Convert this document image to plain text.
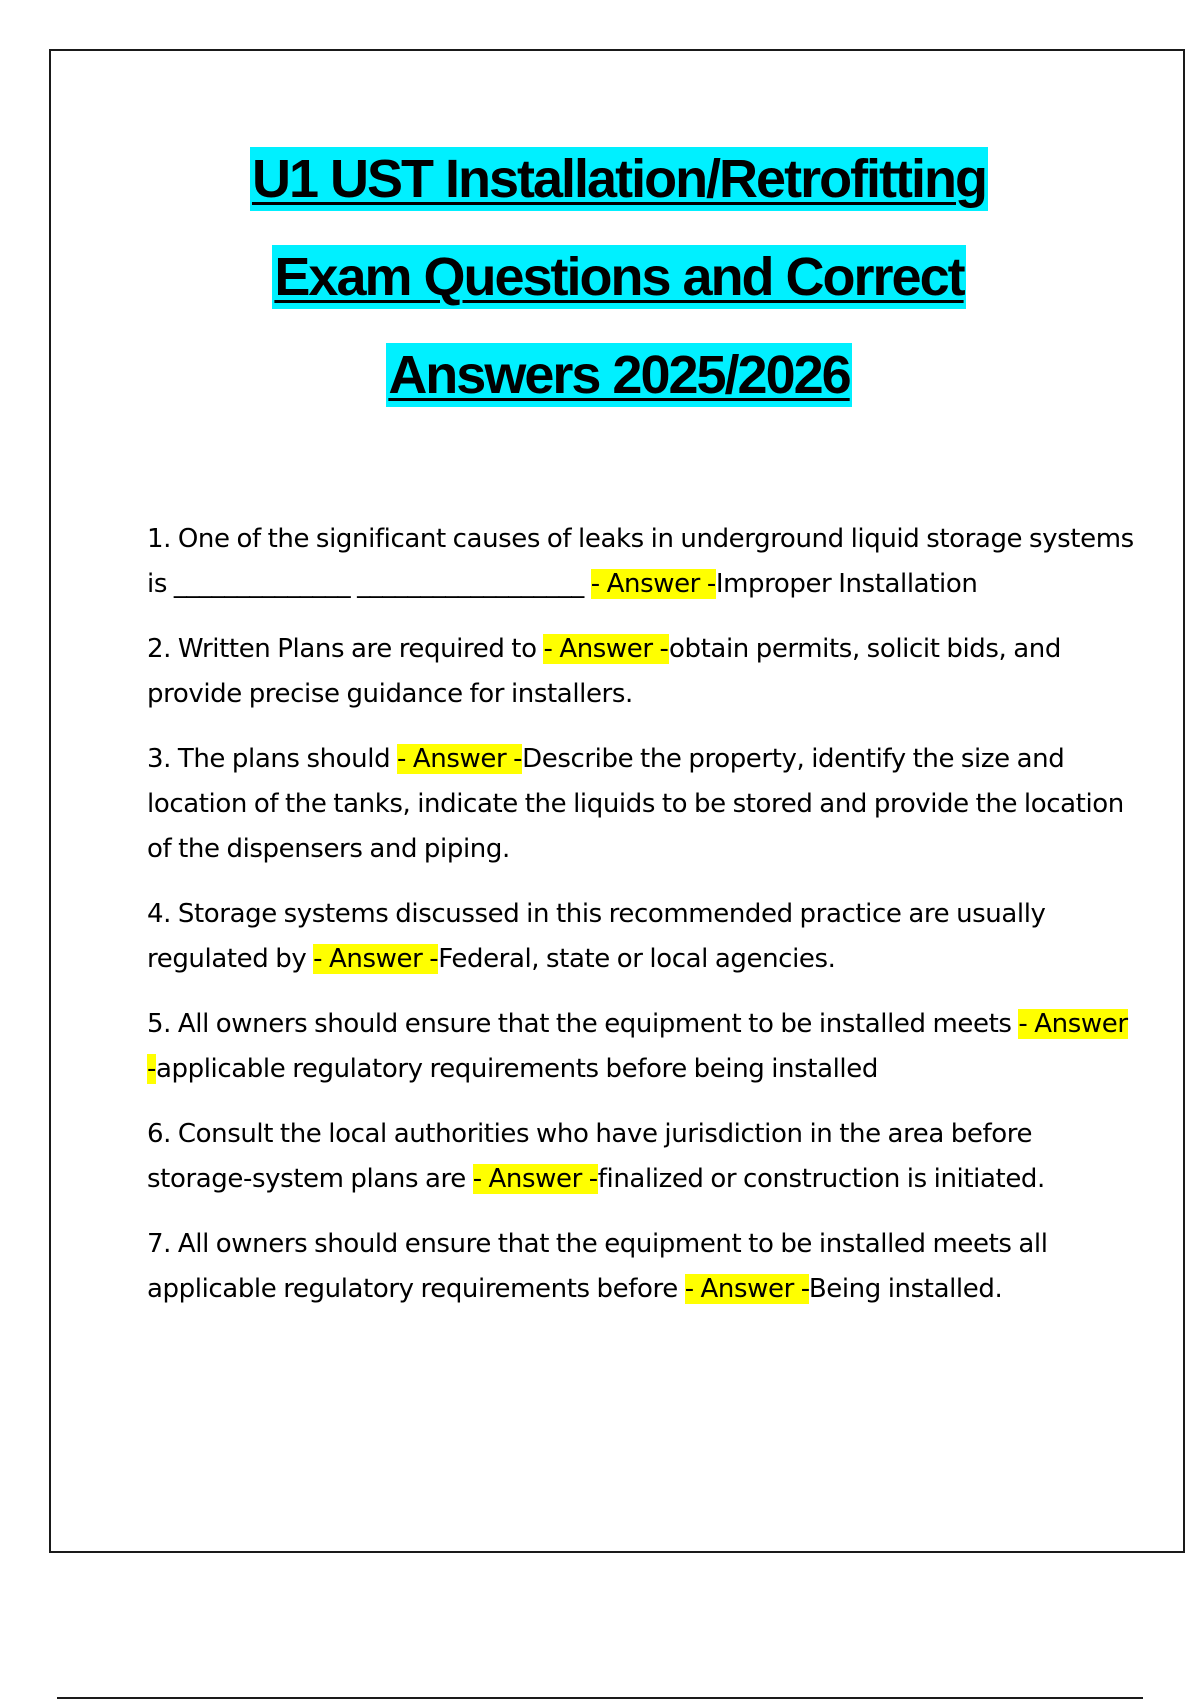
U1 UST Installation/Retrofitting
Exam Questions and Correct
Answers 2025/2026

1. One of the significant causes of leaks in underground liquid storage systems is ______________ __________________ - Answer -Improper Installation

2. Written Plans are required to - Answer -obtain permits, solicit bids, and provide precise guidance for installers.

3. The plans should - Answer -Describe the property, identify the size and location of the tanks, indicate the liquids to be stored and provide the location of the dispensers and piping.

4. Storage systems discussed in this recommended practice are usually regulated by - Answer -Federal, state or local agencies.

5. All owners should ensure that the equipment to be installed meets - Answer -applicable regulatory requirements before being installed

6. Consult the local authorities who have jurisdiction in the area before storage-system plans are - Answer -finalized or construction is initiated.

7. All owners should ensure that the equipment to be installed meets all applicable regulatory requirements before - Answer -Being installed.
